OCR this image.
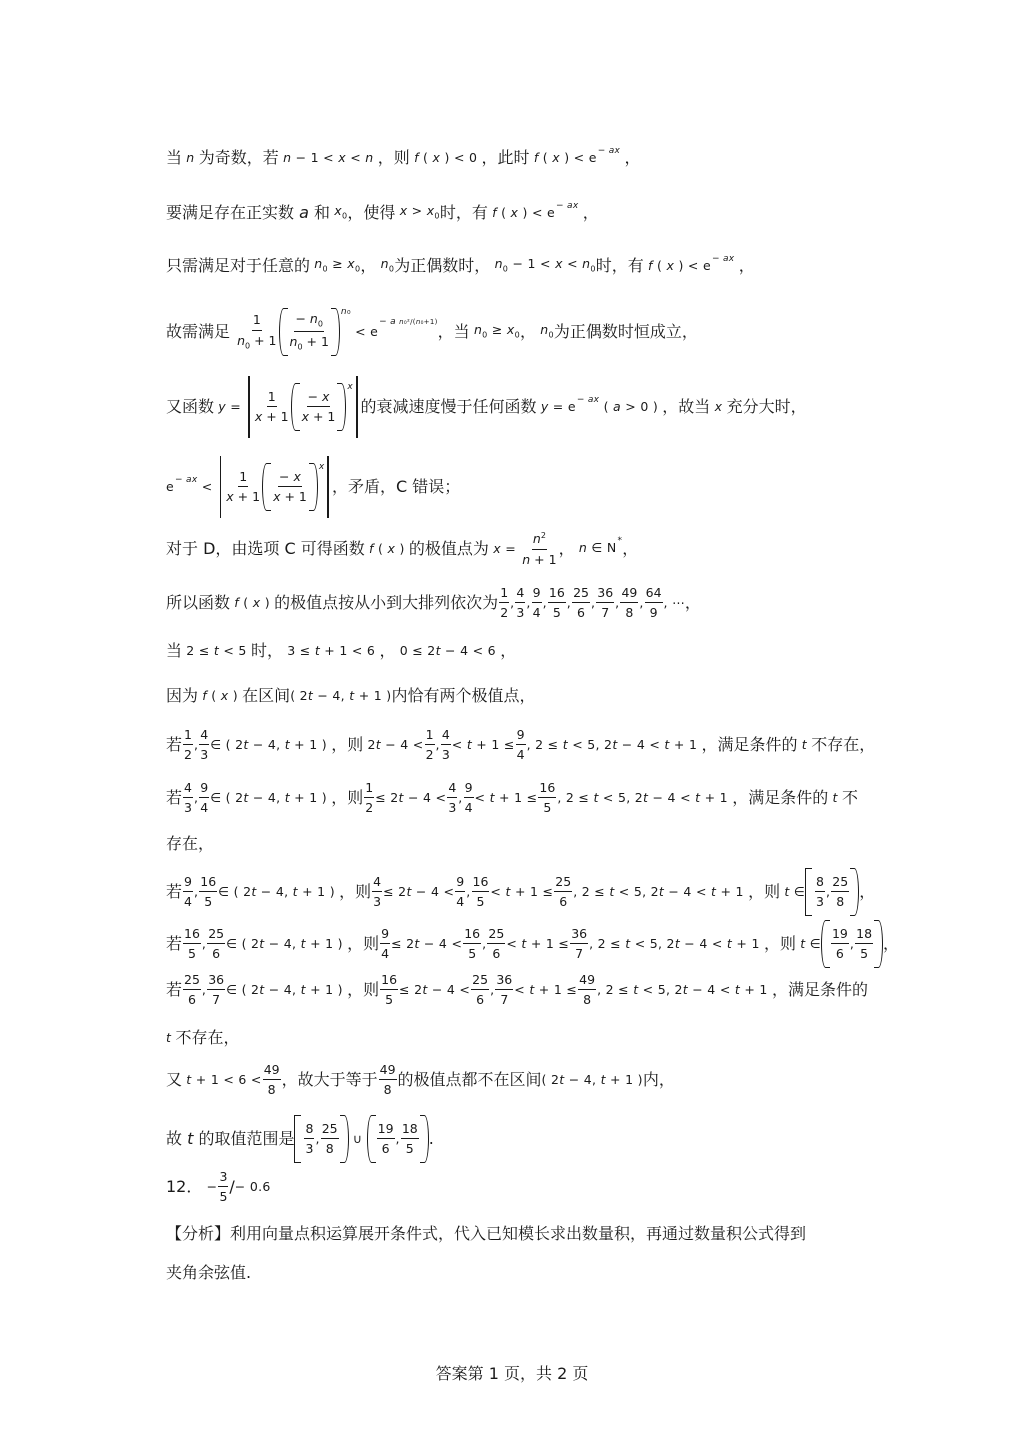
当 n 为奇数，若 n − 1 < x < n ，则 f ( x ) < 0 ，此时 f ( x ) < $e^{- ax}$ ，
要满足存在正实数 a 和 $x_0$ ，使得 $x > x_0$ 时，有 f ( x ) < $e^{- ax}$ ，
只需满足对于任意的 $n_0 \ge x_0$ ， $n_0$ 为正偶数时， $n_0 - 1 < x < n_0$ 时，有 f ( x ) < $e^{- ax}$ ，
故需满足

1
$n_0 + 1$
− $n_0$
$n_0 + 1$
n₀
< $e^{- a n_0^2/(n_0+1)}$
，当 $n_0 \ge x_0$ ， $n_0$ 为正偶数时恒成立，
又函数 y =
1
x + 1
− x
x + 1
x
的衰减速度慢于任何函数 $y = e^{- ax}$ ( a > 0 ) ，故当 x 充分大时，
$e^{- ax}$ <
1
x + 1
− x
x + 1
x
，矛盾，C 错误；
对于 D，由选项 C 可得函数 f ( x ) 的极值点为 $x = \frac{n^2}{n + 1}$ ， n ∈ N* ，
所以函数 f ( x ) 的极值点按从小到大排列依次为
1
2
,
4
3
,
9
4
,
16
5
,
25
6
,
36
7
,
49
8
,
64
9
, ⋯ ，
当 2 ≤ t < 5 时， 3 ≤ t + 1 < 6 ， 0 ≤ 2t − 4 < 6 ，
因为 f ( x ) 在区间 ( 2t − 4, t + 1 ) 内恰有两个极值点，
若
1
2
,
4
3
∈ ( 2t − 4, t + 1 ) ，则 2t − 4 <
1
2
,
4
3
< $t + 1 \le \frac{9}{4}$ , 2 ≤ t < 5, 2t − 4 < t + 1 ，满足条件的 t 不存在，
若
4
3
,
9
4
∈ ( 2t − 4, t + 1 ) ， 则 $\frac{1}{2} \le 2t - 4$ <
4
3
,
9
4
< $t + 1 \le \frac{16}{5}$ , 2 ≤ t < 5, 2t − 4 < t + 1 ，满足条件的 t 不
存在，
若
9
4
,
16
5
∈ ( 2t − 4, t + 1 ) ，则 $\frac{4}{3} \le 2t - 4$ <
9
4
,
16
5
< $t + 1 \le \frac{25}{6}$ , 2 ≤ t < 5, 2t − 4 < t + 1 ，则 t ∈
8
3
,
25
8
，
若
16
5
,
25
6
∈ ( 2t − 4, t + 1 ) ，则 $\frac{9}{4} \le 2t - 4$ <
16
5
,
25
6
< $t + 1 \le \frac{36}{7}$ , 2 ≤ t < 5, 2t − 4 < t + 1 ，则 t ∈
19
6
,
18
5
，
若
25
6
,
36
7
∈ ( 2t − 4, t + 1 ) ，则 $\frac{16}{5} \le 2t - 4$ <
25
6
,
36
7
< $t + 1 \le \frac{49}{8}$ , 2 ≤ t < 5, 2t − 4 < t + 1 ，满足条件的
t 不存在，
又 t + 1 < 6 <
49
8
，故大于等于
49
8
的极值点都不在区间 ( 2t − 4, t + 1 ) 内，
故 t 的取值范围是
8
3
,
25
8
∪
19
6
,
18
5
.
12． − $\frac{3}{5}$ / − 0.6
【分析】利用向量点积运算展开条件式，代入已知模长求出数量积，再通过数量积公式得到
夹角余弦值.
答案第 1 页，共 2 页
